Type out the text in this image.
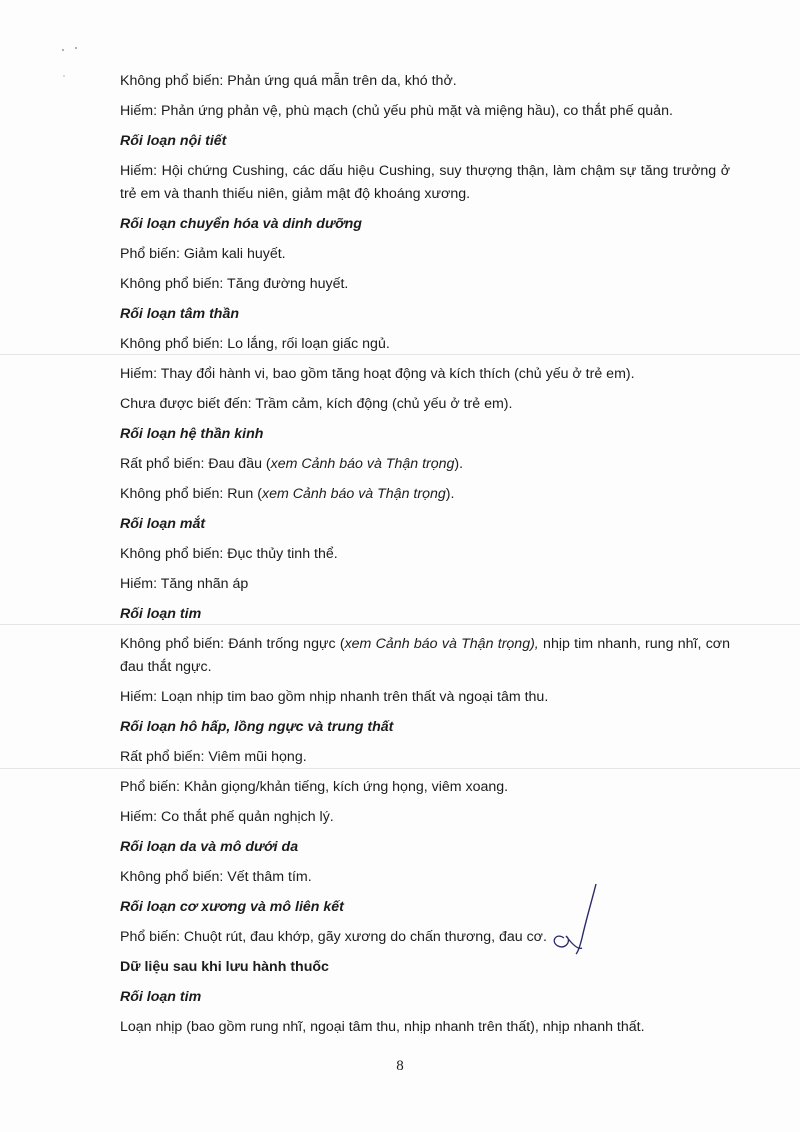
Không phổ biến: Phản ứng quá mẫn trên da, khó thở.
Hiếm: Phản ứng phản vệ, phù mạch (chủ yếu phù mặt và miệng hầu), co thắt phế quản.
Rối loạn nội tiết
Hiếm: Hội chứng Cushing, các dấu hiệu Cushing, suy thượng thận, làm chậm sự tăng trưởng ở trẻ em và thanh thiếu niên, giảm mật độ khoáng xương.
Rối loạn chuyển hóa và dinh dưỡng
Phổ biến: Giảm kali huyết.
Không phổ biến: Tăng đường huyết.
Rối loạn tâm thần
Không phổ biến: Lo lắng, rối loạn giấc ngủ.
Hiếm: Thay đổi hành vi, bao gồm tăng hoạt động và kích thích (chủ yếu ở trẻ em).
Chưa được biết đến: Trầm cảm, kích động (chủ yếu ở trẻ em).
Rối loạn hệ thần kinh
Rất phổ biến: Đau đầu (xem Cảnh báo và Thận trọng).
Không phổ biến: Run (xem Cảnh báo và Thận trọng).
Rối loạn mắt
Không phổ biến: Đục thủy tinh thể.
Hiếm: Tăng nhãn áp
Rối loạn tim
Không phổ biến: Đánh trống ngực (xem Cảnh báo và Thận trọng), nhịp tim nhanh, rung nhĩ, cơn đau thắt ngực.
Hiếm: Loạn nhịp tim bao gồm nhịp nhanh trên thất và ngoại tâm thu.
Rối loạn hô hấp, lồng ngực và trung thất
Rất phổ biến: Viêm mũi họng.
Phổ biến: Khản giọng/khản tiếng, kích ứng họng, viêm xoang.
Hiếm: Co thắt phế quản nghịch lý.
Rối loạn da và mô dưới da
Không phổ biến: Vết thâm tím.
Rối loạn cơ xương và mô liên kết
Phổ biến: Chuột rút, đau khớp, gãy xương do chấn thương, đau cơ.
Dữ liệu sau khi lưu hành thuốc
Rối loạn tim
Loạn nhịp (bao gồm rung nhĩ, ngoại tâm thu, nhịp nhanh trên thất), nhịp nhanh thất.
8
